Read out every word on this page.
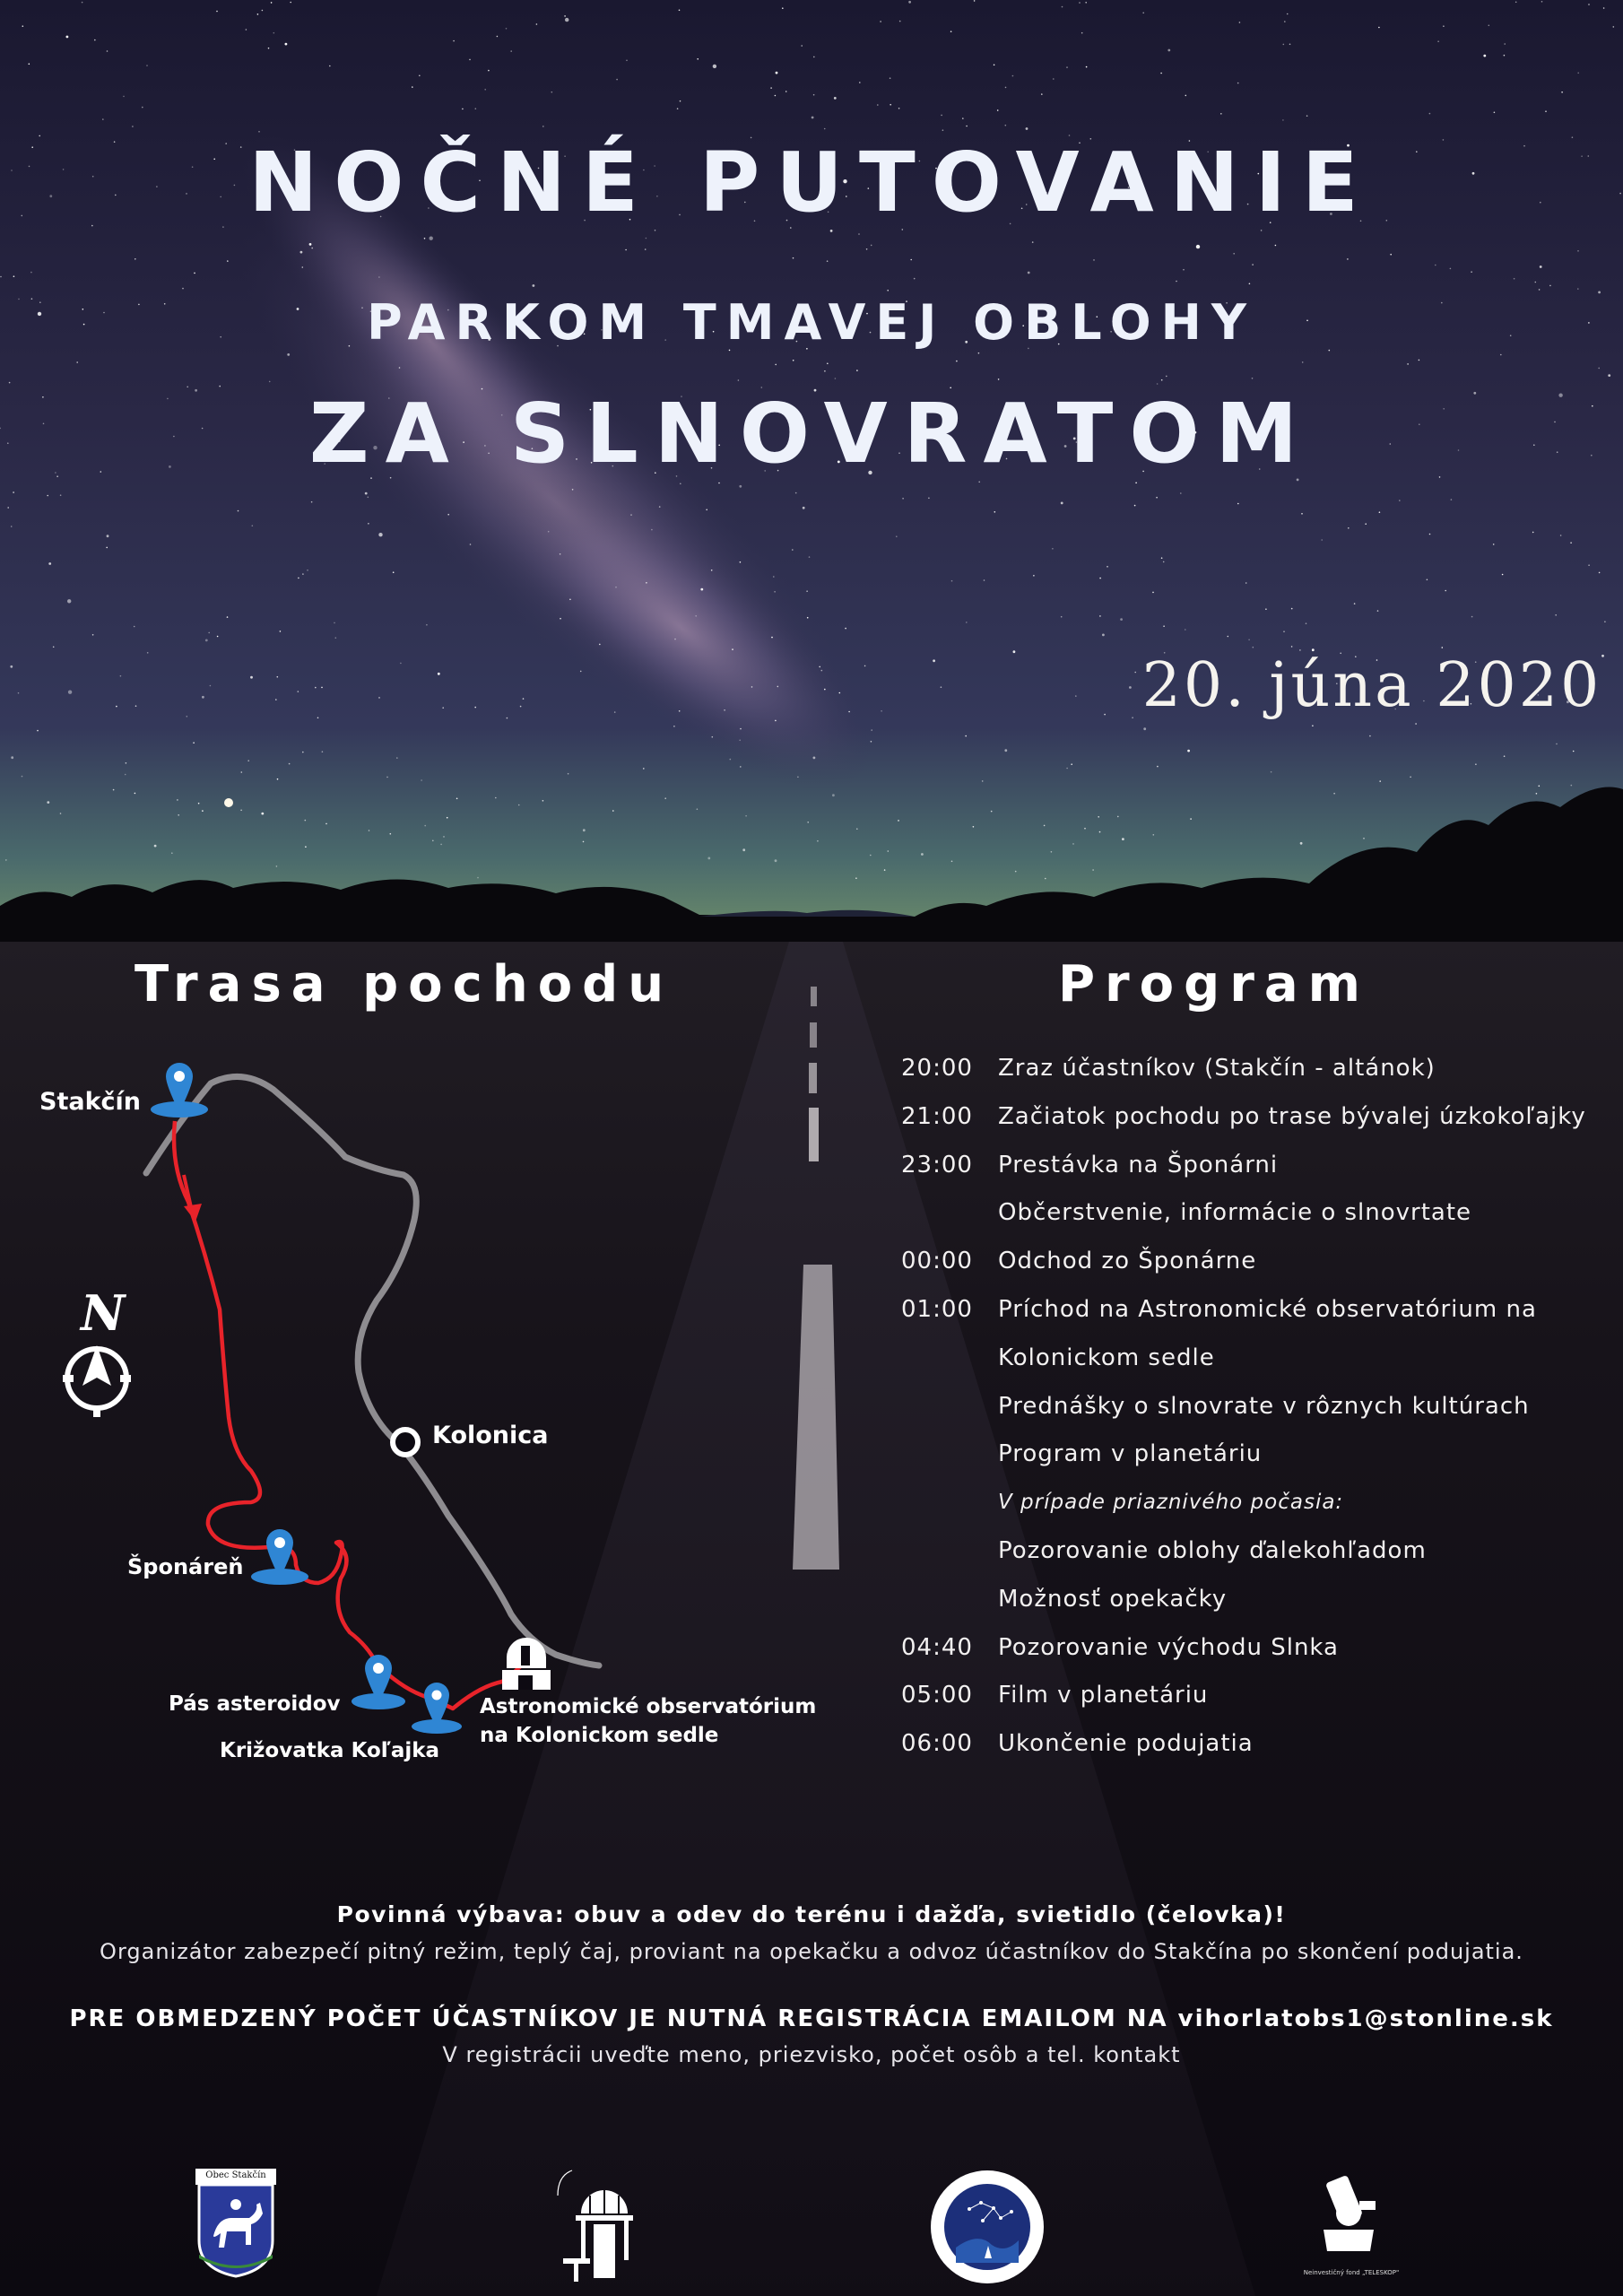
NOČNÉ PUTOVANIE
PARKOM TMAVEJ OBLOHY
ZA SLNOVRATOM
20. júna 2020
Trasa pochodu	Program
Stakčín
N
Kolonica
Šponáreň
Pás asteroidov
Križovatka Koľajka
Astronomické observatórium
na Kolonickom sedle
20:00	Zraz účastníkov (Stakčín - altánok)
21:00	Začiatok pochodu po trase bývalej úzkokoľajky
23:00	Prestávka na Šponárni
Občerstvenie, informácie o slnovrtate
00:00	Odchod zo Šponárne
01:00	Príchod na Astronomické observatórium na
Kolonickom sedle
Prednášky o slnovrate v rôznych kultúrach
Program v planetáriu
V prípade priaznivého počasia:
Pozorovanie oblohy ďalekohľadom
Možnosť opekačky
04:40	Pozorovanie východu Slnka
05:00	Film v planetáriu
06:00	Ukončenie podujatia
Povinná výbava: obuv a odev do terénu i dažďa, svietidlo (čelovka)!
Organizátor zabezpečí pitný režim, teplý čaj, proviant na opekačku a odvoz účastníkov do Stakčína po skončení podujatia.
PRE OBMEDZENÝ POČET ÚČASTNÍKOV JE NUTNÁ REGISTRÁCIA EMAILOM NA vihorlatobs1@stonline.sk
V registrácii uveďte meno, priezvisko, počet osôb a tel. kontakt
Obec Stakčín
Neinvestičný fond „TELESKOP"
